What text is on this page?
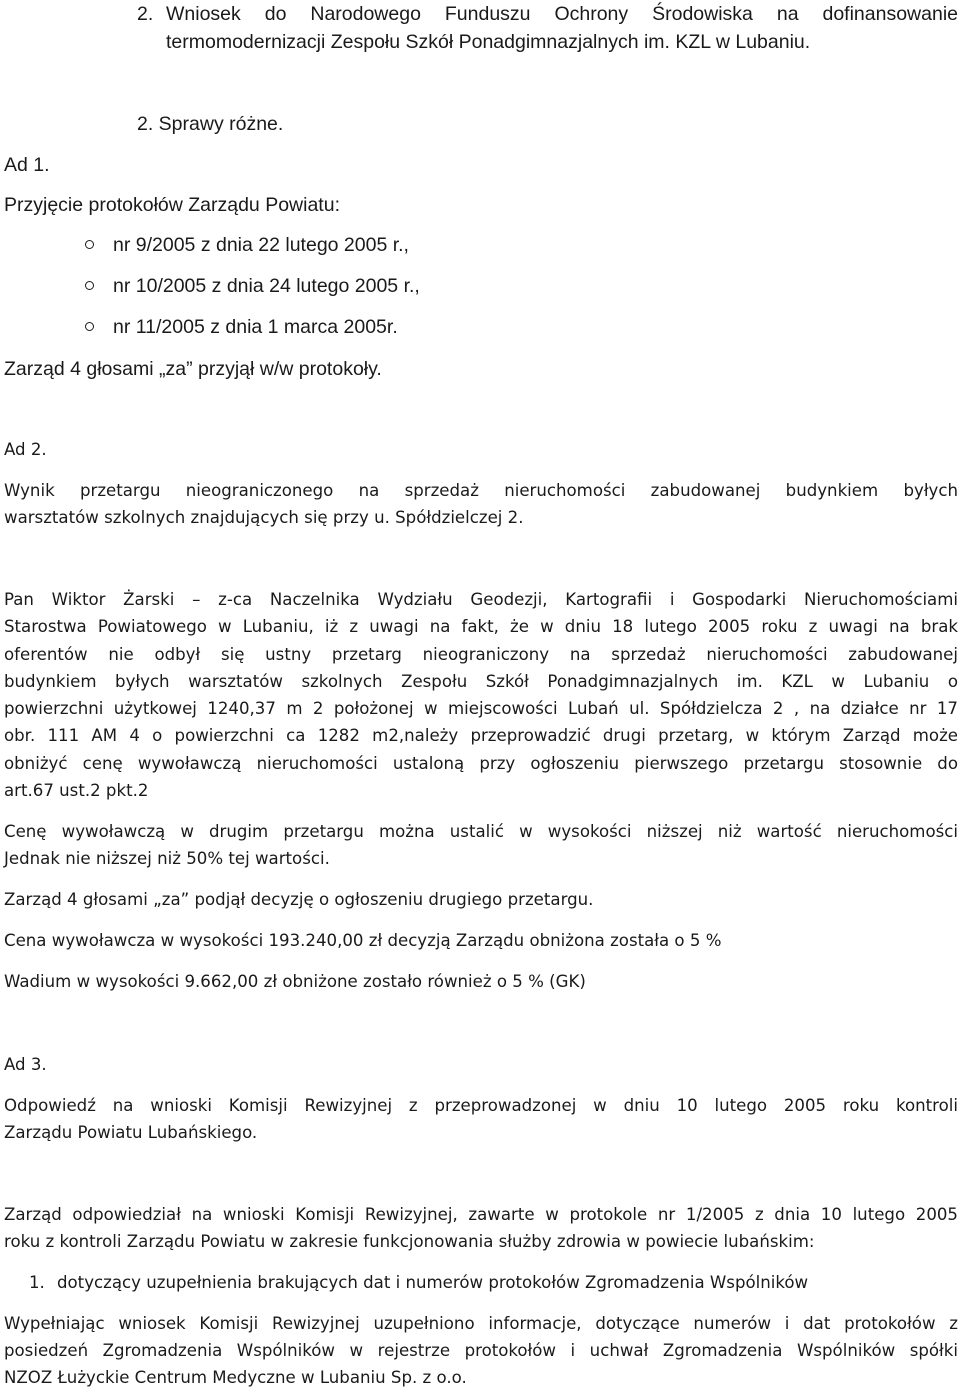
2. Wniosek do Narodowego Funduszu Ochrony Środowiska na dofinansowanie
termomodernizacji Zespołu Szkół Ponadgimnazjalnych im. KZL w Lubaniu.
2. Sprawy różne.
Ad 1.
Przyjęcie protokołów Zarządu Powiatu:
nr 9/2005 z dnia 22 lutego 2005 r.,
nr 10/2005 z dnia 24 lutego 2005 r.,
nr 11/2005 z dnia 1 marca 2005r.
Zarząd 4 głosami „za” przyjął w/w protokoły.
Ad 2.
Wynik przetargu nieograniczonego na sprzedaż nieruchomości zabudowanej budynkiem byłych
warsztatów szkolnych znajdujących się przy u. Spółdzielczej 2.
Pan Wiktor Żarski – z-ca Naczelnika Wydziału Geodezji, Kartografii i Gospodarki Nieruchomościami
Starostwa Powiatowego w Lubaniu, iż z uwagi na fakt, że w dniu 18 lutego 2005 roku z uwagi na brak
oferentów nie odbył się ustny przetarg nieograniczony na sprzedaż nieruchomości zabudowanej
budynkiem byłych warsztatów szkolnych Zespołu Szkół Ponadgimnazjalnych im. KZL w Lubaniu o
powierzchni użytkowej 1240,37 m 2 położonej w miejscowości Lubań ul. Spółdzielcza 2 , na działce nr 17
obr. 111 AM 4 o powierzchni ca 1282 m2,należy przeprowadzić drugi przetarg, w którym Zarząd może
obniżyć cenę wywoławczą nieruchomości ustaloną przy ogłoszeniu pierwszego przetargu stosownie do
art.67 ust.2 pkt.2
Cenę wywoławczą w drugim przetargu można ustalić w wysokości niższej niż wartość nieruchomości
Jednak nie niższej niż 50% tej wartości.
Zarząd 4 głosami „za” podjął decyzję o ogłoszeniu drugiego przetargu.
Cena wywoławcza w wysokości 193.240,00 zł decyzją Zarządu obniżona została o 5 %
Wadium w wysokości 9.662,00 zł obniżone zostało również o 5 % (GK)
Ad 3.
Odpowiedź na wnioski Komisji Rewizyjnej z przeprowadzonej w dniu 10 lutego 2005 roku kontroli
Zarządu Powiatu Lubańskiego.
Zarząd odpowiedział na wnioski Komisji Rewizyjnej, zawarte w protokole nr 1/2005 z dnia 10 lutego 2005
roku z kontroli Zarządu Powiatu w zakresie funkcjonowania służby zdrowia w powiecie lubańskim:
1. dotyczący uzupełnienia brakujących dat i numerów protokołów Zgromadzenia Wspólników
Wypełniając wniosek Komisji Rewizyjnej uzupełniono informacje, dotyczące numerów i dat protokołów z
posiedzeń Zgromadzenia Wspólników w rejestrze protokołów i uchwał Zgromadzenia Wspólników spółki
NZOZ Łużyckie Centrum Medyczne w Lubaniu Sp. z o.o.
